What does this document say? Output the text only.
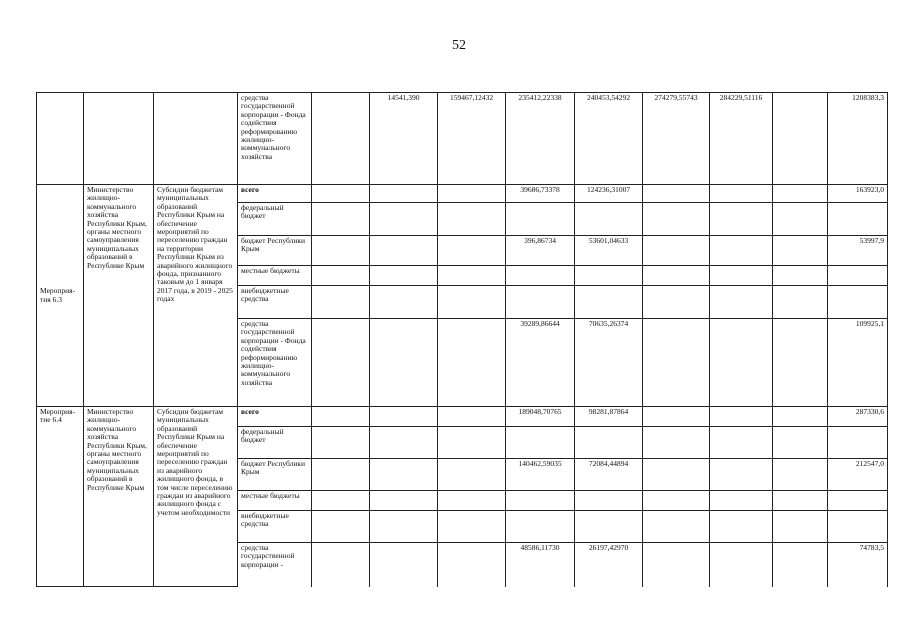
52
			средства государственной корпорации - Фонда содействия реформированию жилищно-коммунального хозяйства		14541,390	159467,12432	235412,22338	240453,54292	274279,55743	284229,51116		1208383,3
Мероприя-тия 6.3	Министерство жилищно-коммунального хозяйства Республики Крым, органы местного самоуправления муниципальных образований в Республике Крым	Субсидии бюджетам муниципальных образований Республики Крым на обеспечение мероприятий по переселению граждан на территории Республики Крым из аварийного жилищного фонда, признанного таковым до 1 января 2017 года, в 2019 - 2025 годах	всего				39686,73378	124236,31007				163923,0
			федеральный бюджет									
			бюджет Республики Крым				396,86734	53601,04633				53997,9
			местные бюджеты									
			внебюджетные средства									
			средства государственной корпорации - Фонда содействия реформированию жилищно-коммунального хозяйства				39289,86644	70635,26374				109925,1
Мероприя-тие 6.4	Министерство жилищно-коммунального хозяйства Республики Крым, органы местного самоуправления муниципальных образований в Республике Крым	Субсидии бюджетам муниципальных образований Республики Крым на обеспечение мероприятий по переселению граждан из аварийного жилищного фонда, в том числе переселению граждан из аварийного жилищного фонда с учетом необходимости	всего				189048,70765	98281,87864				287330,6
			федеральный бюджет									
			бюджет Республики Крым				140462,59035	72084,44894				212547,0
			местные бюджеты									
			внебюджетные средства									
			средства государственной корпорации -				48586,11730	26197,42970				74783,5
